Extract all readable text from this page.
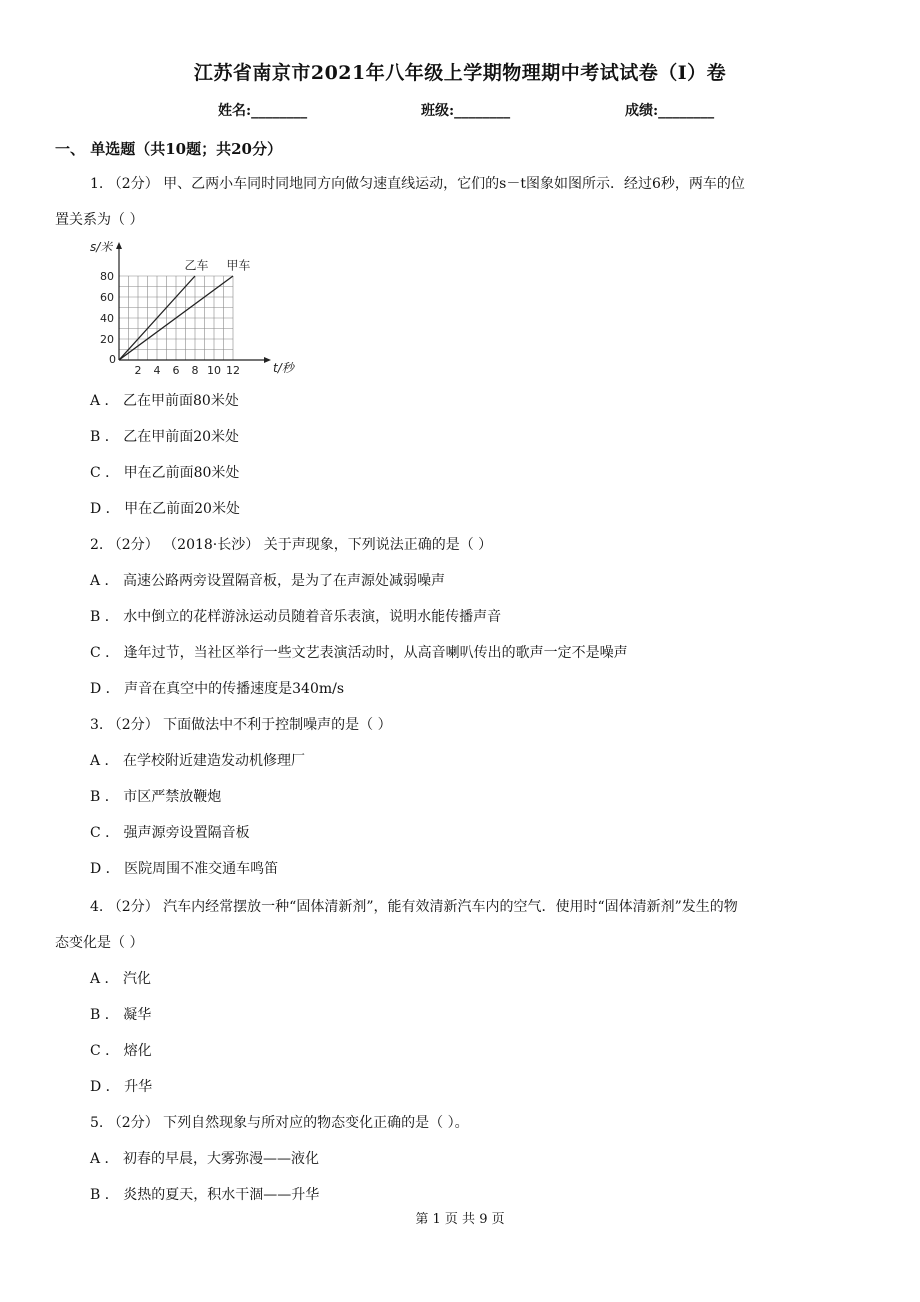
江苏省南京市2021年八年级上学期物理期中考试试卷（I）卷
姓名:________	班级:________	成绩:________
一、 单选题（共10题；共20分）
1. （2分） 甲、乙两小车同时同地同方向做匀速直线运动，它们的s－t图象如图所示．经过6秒，两车的位
置关系为（ ）
2 4 6 8 10 12
20
40
60
80
s/米
t/秒
0
乙车 甲车
A ． 乙在甲前面80米处
B ． 乙在甲前面20米处
C ． 甲在乙前面80米处
D ． 甲在乙前面20米处
2. （2分） （2018·长沙） 关于声现象，下列说法正确的是（ ）
A ． 高速公路两旁设置隔音板，是为了在声源处减弱噪声
B ． 水中倒立的花样游泳运动员随着音乐表演，说明水能传播声音
C ． 逢年过节，当社区举行一些文艺表演活动时，从高音喇叭传出的歌声一定不是噪声
D ． 声音在真空中的传播速度是340m/s
3. （2分） 下面做法中不利于控制噪声的是（ ）
A ． 在学校附近建造发动机修理厂
B ． 市区严禁放鞭炮
C ． 强声源旁设置隔音板
D ． 医院周围不准交通车鸣笛
4. （2分） 汽车内经常摆放一种“固体清新剂”，能有效清新汽车内的空气．使用时“固体清新剂”发生的物
态变化是（ ）
A ． 汽化
B ． 凝华
C ． 熔化
D ． 升华
5. （2分） 下列自然现象与所对应的物态变化正确的是（ ）。
A ． 初春的早晨，大雾弥漫——液化
B ． 炎热的夏天，积水干涸——升华
第 1 页 共 9 页
